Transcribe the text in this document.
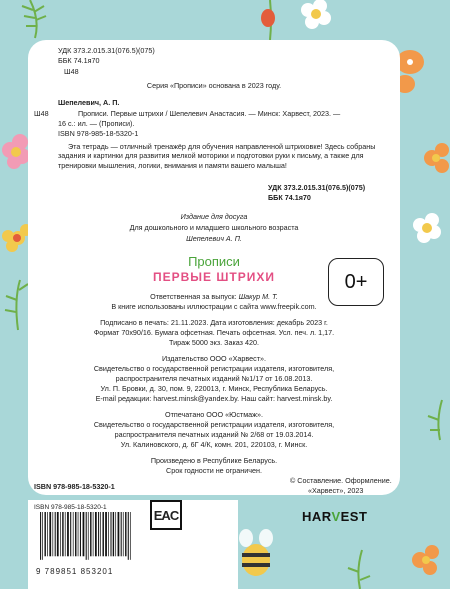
УДК 373.2.015.31(076.5)(075)
ББК 74.1я70
Ш48
Серия «Прописи» основана в 2023 году.
Шепелевич, А. П.
Ш48	Прописи. Первые штрихи / Шепелевич Анастасия. — Минск: Харвест, 2023. —
16 с.: ил. — (Прописи).
ISBN 978-985-18-5320-1
Эта тетрадь — отличный тренажёр для обучения направленной штриховке! Здесь собраны задания и картинки для развития мелкой моторики и подготовки руки к письму, а также для тренировки мышления, логики, внимания и памяти вашего малыша!
УДК 373.2.015.31(076.5)(075)
ББК 74.1я70
Издание для досуга
Для дошкольного и младшего школьного возраста
Шепелевич А. П.
Прописи
ПЕРВЫЕ ШТРИХИ	0+
Ответственная за выпуск: Шакур М. Т.
В книге использованы иллюстрации с сайта www.freepik.com.
Подписано в печать: 21.11.2023. Дата изготовления: декабрь 2023 г.
Формат 70х90/16. Бумага офсетная. Печать офсетная. Усл. печ. л. 1,17.
Тираж 5000 экз. Заказ 420.
Издательство ООО «Харвест».
Свидетельство о государственной регистрации издателя, изготовителя,
распространителя печатных изданий №1/17 от 16.08.2013.
Ул. П. Бровки, д. 30, пом. 9, 220013, г. Минск, Республика Беларусь.
E-mail редакции: harvest.minsk@yandex.by. Наш сайт: harvest.minsk.by.
Отпечатано ООО «Юстмаж».
Свидетельство о государственной регистрации издателя, изготовителя,
распространителя печатных изданий № 2/68 от 19.03.2014.
Ул. Калиновского, д. 6Г 4/К, комн. 201, 220103, г. Минск.
Произведено в Республике Беларусь.
Срок годности не ограничен.
ISBN 978-985-18-5320-1
© Составление. Оформление.
«Харвест», 2023
ISBN 978-985-18-5320-1
9 789851 853201
EAC	HARVEST
